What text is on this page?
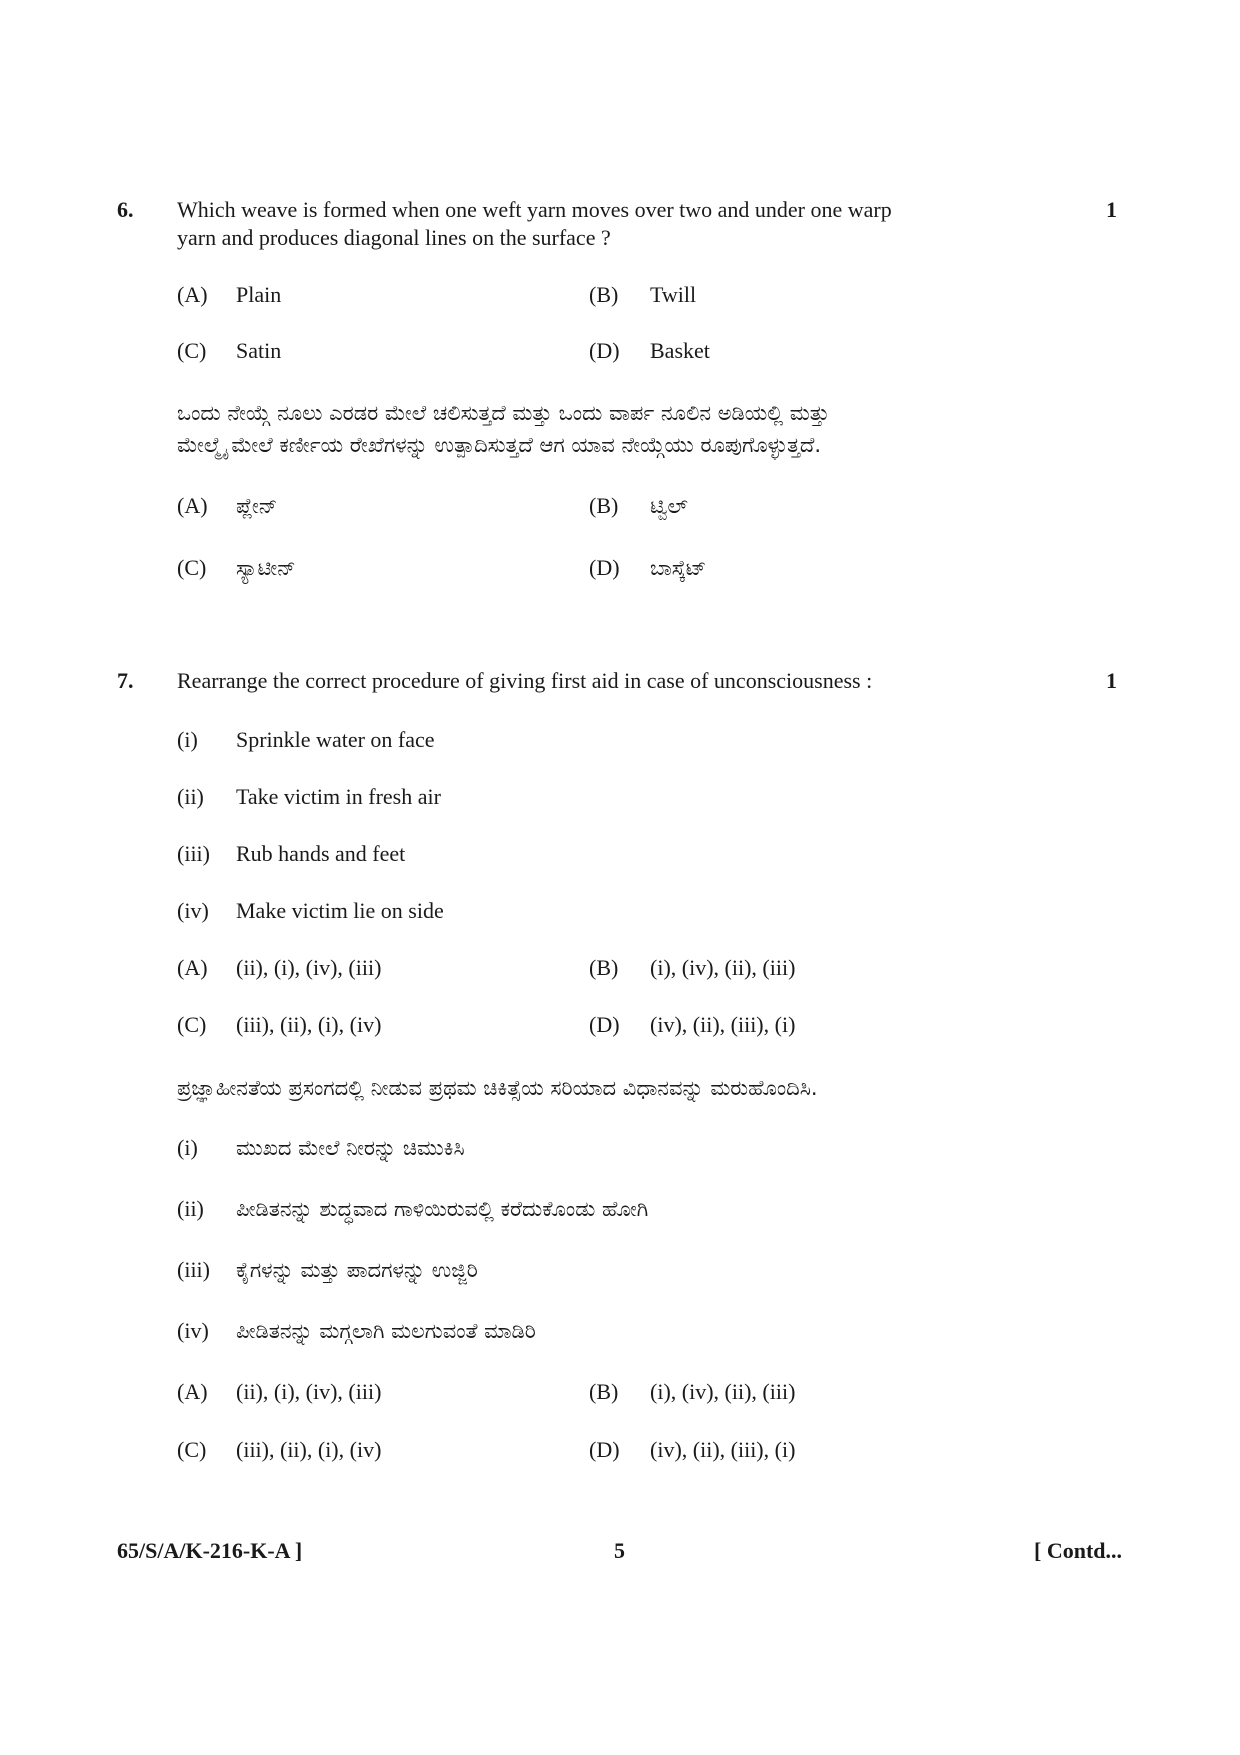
6. Which weave is formed when one weft yarn moves over two and under one warp
yarn and produces diagonal lines on the surface ?
1
(A) Plain	(B) Twill
(C) Satin	(D) Basket
ಒಂದು ನೇಯ್ಗೆ ನೂಲು ಎರಡರ ಮೇಲೆ ಚಲಿಸುತ್ತದೆ ಮತ್ತು ಒಂದು ವಾರ್ಪ ನೂಲಿನ ಅಡಿಯಲ್ಲಿ ಮತ್ತು
ಮೇಲ್ಮೈ ಮೇಲೆ ಕರ್ಣೀಯ ರೇಖೆಗಳನ್ನು ಉತ್ಪಾದಿಸುತ್ತದೆ ಆಗ ಯಾವ ನೇಯ್ಗೆಯು ರೂಪುಗೊಳ್ಳುತ್ತದೆ.
(A) ಪ್ಲೇನ್	(B) ಟ್ವಿಲ್
(C) ಸ್ಯಾಟೀನ್	(D) ಬಾಸ್ಕೆಟ್
7. Rearrange the correct procedure of giving first aid in case of unconsciousness :	1
(i) Sprinkle water on face
(ii) Take victim in fresh air
(iii) Rub hands and feet
(iv) Make victim lie on side
(A) (ii), (i), (iv), (iii)	(B) (i), (iv), (ii), (iii)
(C) (iii), (ii), (i), (iv)	(D) (iv), (ii), (iii), (i)
ಪ್ರಜ್ಞಾಹೀನತೆಯ ಪ್ರಸಂಗದಲ್ಲಿ ನೀಡುವ ಪ್ರಥಮ ಚಿಕಿತ್ಸೆಯ ಸರಿಯಾದ ವಿಧಾನವನ್ನು ಮರುಹೊಂದಿಸಿ.
(i) ಮುಖದ ಮೇಲೆ ನೀರನ್ನು ಚಿಮುಕಿಸಿ
(ii) ಪೀಡಿತನನ್ನು ಶುದ್ಧವಾದ ಗಾಳಿಯಿರುವಲ್ಲಿ ಕರೆದುಕೊಂಡು ಹೋಗಿ
(iii) ಕೈಗಳನ್ನು ಮತ್ತು ಪಾದಗಳನ್ನು ಉಜ್ಜಿರಿ
(iv) ಪೀಡಿತನನ್ನು ಮಗ್ಗಲಾಗಿ ಮಲಗುವಂತೆ ಮಾಡಿರಿ
(A) (ii), (i), (iv), (iii)	(B) (i), (iv), (ii), (iii)
(C) (iii), (ii), (i), (iv)	(D) (iv), (ii), (iii), (i)
65/S/A/K-216-K-A ]	5	[ Contd...
